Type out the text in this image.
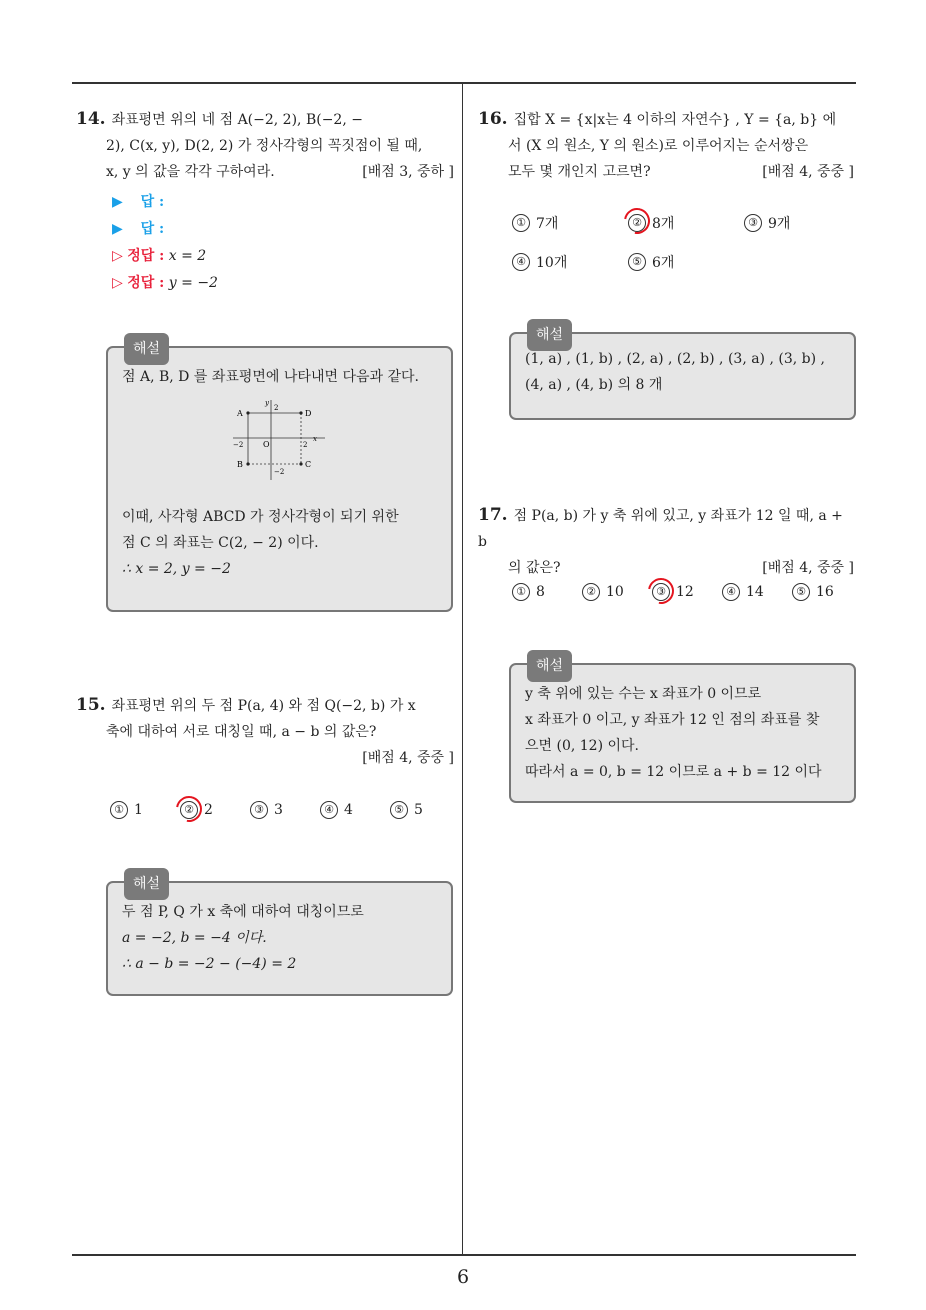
6
14. 좌표평면 위의 네 점 A(−2, 2), B(−2, −
2), C(x, y), D(2, 2) 가 정사각형의 꼭짓점이 될 때,
x, y 의 값을 각각 구하여라.	[배점 3, 중하 ]
▶ 답 :
▶ 답 :
▷ 정답 : x = 2
▷ 정답 : y = −2
해설
점 A, B, D 를 좌표평면에 나타내면 다음과 같다.
A	D
B	C
O
x
y
2
−2	2
−2
이때, 사각형 ABCD 가 정사각형이 되기 위한
점 C 의 좌표는 C(2, − 2) 이다.
∴ x = 2, y = −2
15. 좌표평면 위의 두 점 P(a, 4) 와 점 Q(−2, b) 가 x
축에 대하여 서로 대칭일 때, a − b 의 값은?
[배점 4, 중중 ]
① 1	② 2	③ 3	④ 4	⑤ 5
해설
두 점 P, Q 가 x 축에 대하여 대칭이므로
a = −2, b = −4 이다.
∴ a − b = −2 − (−4) = 2
16. 집합 X = {x|x는 4 이하의 자연수} , Y = {a, b} 에
서 (X 의 원소, Y 의 원소)로 이루어지는 순서쌍은
모두 몇 개인지 고르면?	[배점 4, 중중 ]
① 7개	② 8개	③ 9개
④ 10개	⑤ 6개
해설
(1, a) , (1, b) , (2, a) , (2, b) , (3, a) , (3, b) ,
(4, a) , (4, b) 의 8 개
17. 점 P(a, b) 가 y 축 위에 있고, y 좌표가 12 일 때, a + b
의 값은?	[배점 4, 중중 ]
① 8	② 10	③ 12	④ 14	⑤ 16
해설
y 축 위에 있는 수는 x 좌표가 0 이므로
x 좌표가 0 이고, y 좌표가 12 인 점의 좌표를 찾
으면 (0, 12) 이다.
따라서 a = 0, b = 12 이므로 a + b = 12 이다
